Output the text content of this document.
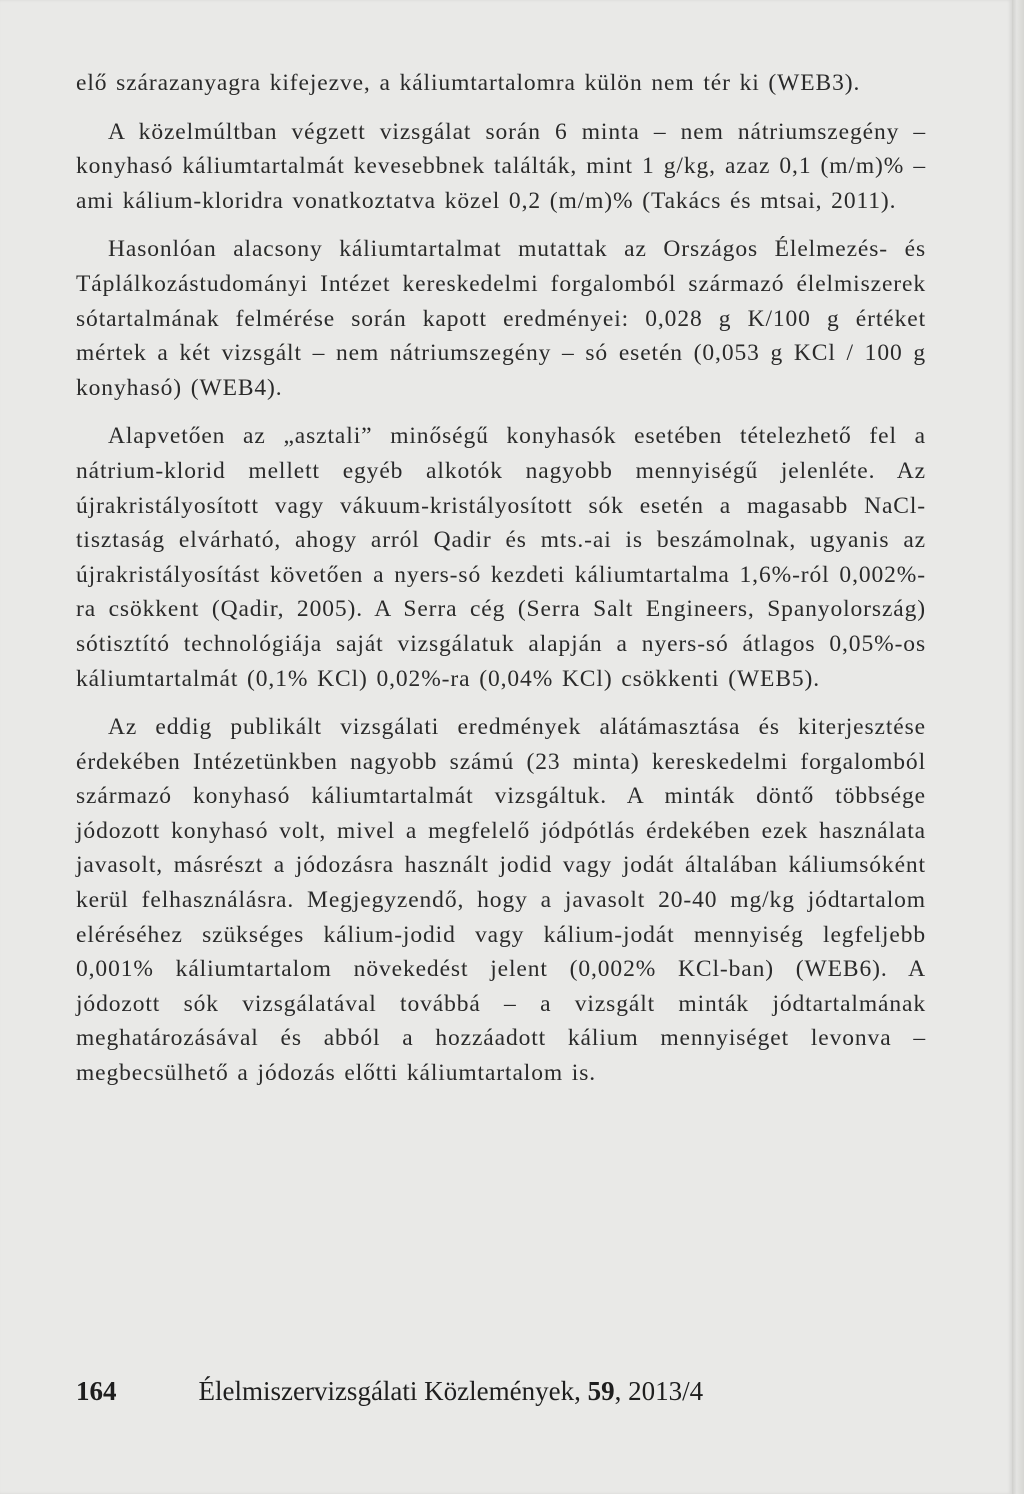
elő szárazanyagra kifejezve, a káliumtartalomra külön nem tér ki (WEB3).

A közelmúltban végzett vizsgálat során 6 minta – nem nátriumszegény – konyhasó káliumtartalmát kevesebbnek találták, mint 1 g/kg, azaz 0,1 (m/m)% – ami kálium-kloridra vonatkoztatva közel 0,2 (m/m)% (Takács és mtsai, 2011).

Hasonlóan alacsony káliumtartalmat mutattak az Országos Élelmezés- és Táplálkozástudományi Intézet kereskedelmi forgalomból származó élelmiszerek sótartalmának felmérése során kapott eredményei: 0,028 g K/100 g értéket mértek a két vizsgált – nem nátriumszegény – só esetén (0,053 g KCl / 100 g konyhasó) (WEB4).

Alapvetően az „asztali” minőségű konyhasók esetében tételezhető fel a nátrium-klorid mellett egyéb alkotók nagyobb mennyiségű jelenléte. Az újrakristályosított vagy vákuum-kristályosított sók esetén a magasabb NaCl-tisztaság elvárható, ahogy arról Qadir és mts.-ai is beszámolnak, ugyanis az újrakristályosítást követően a nyers-só kezdeti káliumtartalma 1,6%-ról 0,002%-ra csökkent (Qadir, 2005). A Serra cég (Serra Salt Engineers, Spanyolország) sótisztító technológiája saját vizsgálatuk alapján a nyers-só átlagos 0,05%-os káliumtartalmát (0,1% KCl) 0,02%-ra (0,04% KCl) csökkenti (WEB5).

Az eddig publikált vizsgálati eredmények alátámasztása és kiterjesztése érdekében Intézetünkben nagyobb számú (23 minta) kereskedelmi forgalomból származó konyhasó káliumtartalmát vizsgáltuk. A minták döntő többsége jódozott konyhasó volt, mivel a megfelelő jódpótlás érdekében ezek használata javasolt, másrészt a jódozásra használt jodid vagy jodát általában káliumsóként kerül felhasználásra. Megjegyzendő, hogy a javasolt 20-40 mg/kg jódtartalom eléréséhez szükséges kálium-jodid vagy kálium-jodát mennyiség legfeljebb 0,001% káliumtartalom növekedést jelent (0,002% KCl-ban) (WEB6). A jódozott sók vizsgálatával továbbá – a vizsgált minták jódtartalmának meghatározásával és abból a hozzáadott kálium mennyiséget levonva – megbecsülhető a jódozás előtti káliumtartalom is.

164	Élelmiszervizsgálati Közlemények, 59, 2013/4
